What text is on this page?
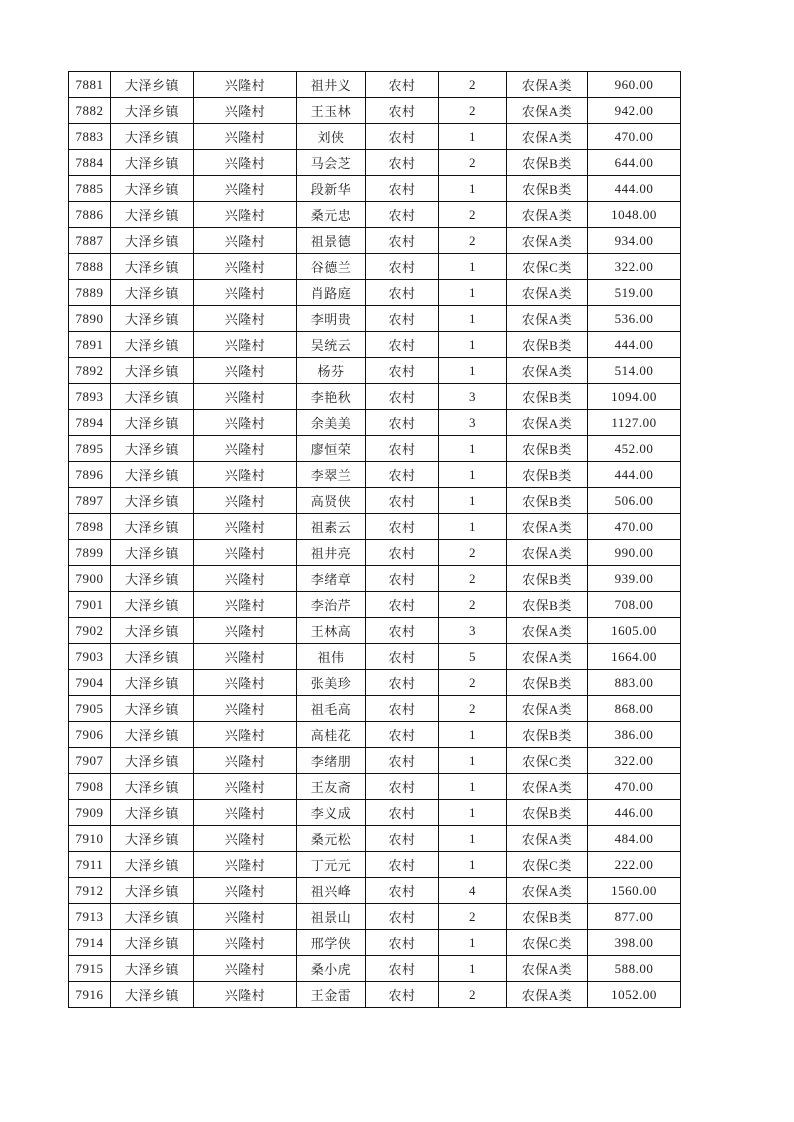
7881	大泽乡镇	兴隆村	祖井义	农村	2	农保A类	960.00
7882	大泽乡镇	兴隆村	王玉林	农村	2	农保A类	942.00
7883	大泽乡镇	兴隆村	刘侠	农村	1	农保A类	470.00
7884	大泽乡镇	兴隆村	马会芝	农村	2	农保B类	644.00
7885	大泽乡镇	兴隆村	段新华	农村	1	农保B类	444.00
7886	大泽乡镇	兴隆村	桑元忠	农村	2	农保A类	1048.00
7887	大泽乡镇	兴隆村	祖景德	农村	2	农保A类	934.00
7888	大泽乡镇	兴隆村	谷德兰	农村	1	农保C类	322.00
7889	大泽乡镇	兴隆村	肖路庭	农村	1	农保A类	519.00
7890	大泽乡镇	兴隆村	李明贵	农村	1	农保A类	536.00
7891	大泽乡镇	兴隆村	吴统云	农村	1	农保B类	444.00
7892	大泽乡镇	兴隆村	杨芬	农村	1	农保A类	514.00
7893	大泽乡镇	兴隆村	李艳秋	农村	3	农保B类	1094.00
7894	大泽乡镇	兴隆村	余美美	农村	3	农保A类	1127.00
7895	大泽乡镇	兴隆村	廖恒荣	农村	1	农保B类	452.00
7896	大泽乡镇	兴隆村	李翠兰	农村	1	农保B类	444.00
7897	大泽乡镇	兴隆村	高贤侠	农村	1	农保B类	506.00
7898	大泽乡镇	兴隆村	祖素云	农村	1	农保A类	470.00
7899	大泽乡镇	兴隆村	祖井亮	农村	2	农保A类	990.00
7900	大泽乡镇	兴隆村	李绪章	农村	2	农保B类	939.00
7901	大泽乡镇	兴隆村	李治芹	农村	2	农保B类	708.00
7902	大泽乡镇	兴隆村	王林高	农村	3	农保A类	1605.00
7903	大泽乡镇	兴隆村	祖伟	农村	5	农保A类	1664.00
7904	大泽乡镇	兴隆村	张美珍	农村	2	农保B类	883.00
7905	大泽乡镇	兴隆村	祖毛高	农村	2	农保A类	868.00
7906	大泽乡镇	兴隆村	高桂花	农村	1	农保B类	386.00
7907	大泽乡镇	兴隆村	李绪朋	农村	1	农保C类	322.00
7908	大泽乡镇	兴隆村	王友斋	农村	1	农保A类	470.00
7909	大泽乡镇	兴隆村	李义成	农村	1	农保B类	446.00
7910	大泽乡镇	兴隆村	桑元松	农村	1	农保A类	484.00
7911	大泽乡镇	兴隆村	丁元元	农村	1	农保C类	222.00
7912	大泽乡镇	兴隆村	祖兴峰	农村	4	农保A类	1560.00
7913	大泽乡镇	兴隆村	祖景山	农村	2	农保B类	877.00
7914	大泽乡镇	兴隆村	邢学侠	农村	1	农保C类	398.00
7915	大泽乡镇	兴隆村	桑小虎	农村	1	农保A类	588.00
7916	大泽乡镇	兴隆村	王金雷	农村	2	农保A类	1052.00
